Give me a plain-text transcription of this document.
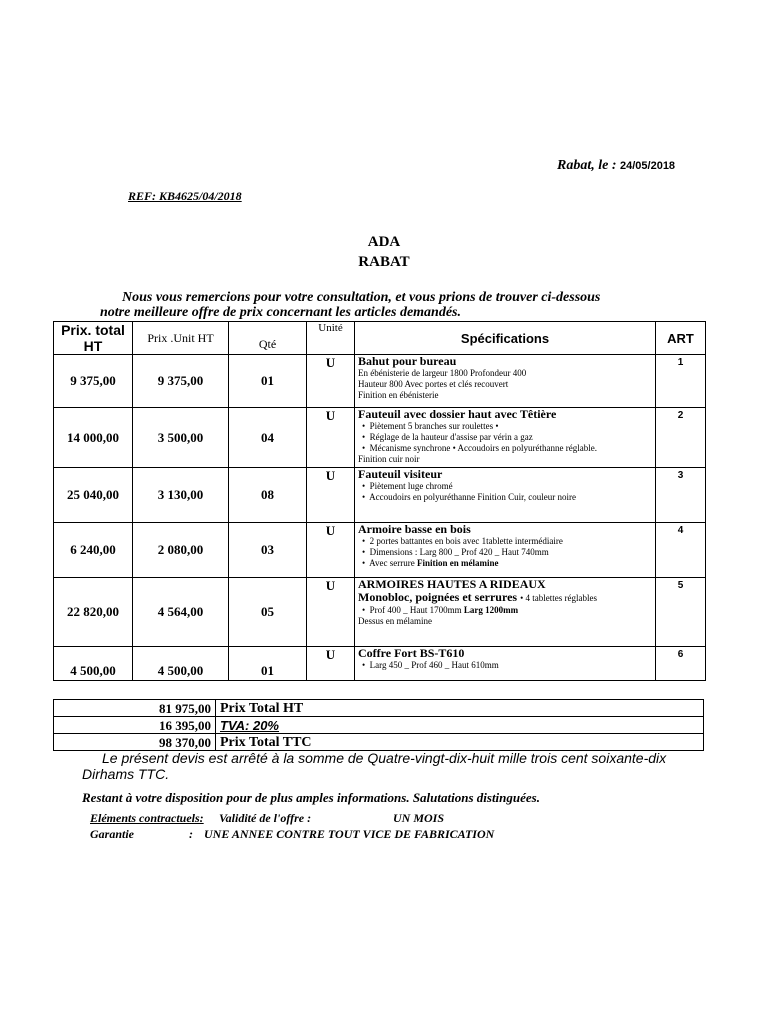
Rabat, le : 24/05/2018
REF: KB4625/04/2018
ADA
RABAT
Nous vous remercions pour votre consultation, et vous prions de trouver ci-dessous
notre meilleure offre de prix concernant les articles demandés.
Prix. total
HT	Prix .Unit HT	Qté	Unité	Spécifications	ART
9 375,00	9 375,00	01	U	Bahut pour bureau
En ébénisterie de largeur 1800 Profondeur 400
Hauteur 800 Avec portes et clés recouvert
Finition en ébénisterie	1
14 000,00	3 500,00	04	U	Fauteuil avec dossier haut avec Têtière
•  Piètement 5 branches sur roulettes •
•  Réglage de la hauteur d'assise par vérin a gaz
•  Mécanisme synchrone • Accoudoirs en polyuréthanne réglable.
Finition cuir noir	2
25 040,00	3 130,00	08	U	Fauteuil visiteur
•  Piètement luge chromé
•  Accoudoirs en polyuréthanne Finition Cuir, couleur noire	3
6 240,00	2 080,00	03	U	Armoire basse en bois
•  2 portes battantes en bois avec 1tablette intermédiaire
•  Dimensions : Larg 800 _ Prof 420 _ Haut 740mm
•  Avec serrure Finition en mélamine	4
22 820,00	4 564,00	05	U	ARMOIRES HAUTES A RIDEAUX
Monobloc, poignées et serrures • 4 tablettes réglables
•  Prof 400 _ Haut 1700mm Larg 1200mm
Dessus en mélamine	5
4 500,00	4 500,00	01	U	Coffre Fort BS-T610
•  Larg 450 _ Prof 460 _ Haut 610mm	6
81 975,00	Prix Total HT
16 395,00	TVA: 20%
98 370,00	Prix Total TTC
Le présent devis est arrêté à la somme de Quatre-vingt-dix-huit mille trois cent soixante-dix
Dirhams TTC.
Restant à votre disposition pour de plus amples informations. Salutations distinguées.
Eléments contractuels: Validité de l'offre :	UN MOIS
Garantie	: UNE ANNEE CONTRE TOUT VICE DE FABRICATION
